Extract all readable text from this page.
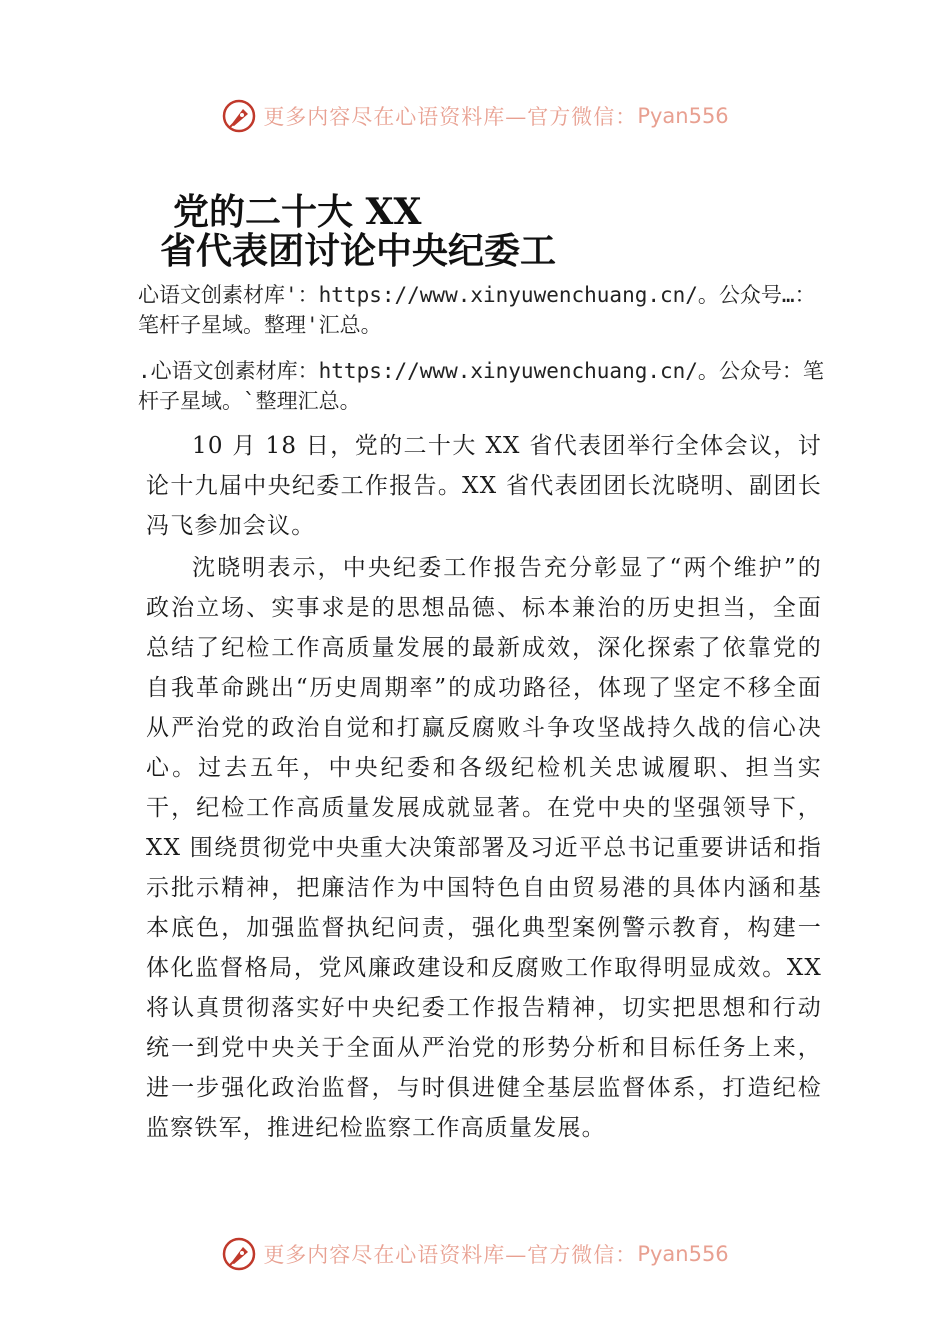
更多内容尽在心语资料库—官方微信： Pyan556
党的二十大 XX
省代表团讨论中央纪委工
心语文创素材库'：https://www.xinyuwenchuang.cn/。公众号…：笔杆子星域。整理'汇总。
.心语文创素材库：https://www.xinyuwenchuang.cn/。公众号：笔杆子星域。`整理汇总。

10 月 18 日，党的二十大 XX 省代表团举行全体会议，讨论十九届中央纪委工作报告。XX 省代表团团长沈晓明、副团长冯飞参加会议。

沈晓明表示，中央纪委工作报告充分彰显了“两个维护”的政治立场、实事求是的思想品德、标本兼治的历史担当，全面总结了纪检工作高质量发展的最新成效，深化探索了依靠党的自我革命跳出“历史周期率”的成功路径，体现了坚定不移全面从严治党的政治自觉和打赢反腐败斗争攻坚战持久战的信心决心。过去五年，中央纪委和各级纪检机关忠诚履职、担当实干，纪检工作高质量发展成就显著。在党中央的坚强领导下，XX 围绕贯彻党中央重大决策部署及习近平总书记重要讲话和指示批示精神，把廉洁作为中国特色自由贸易港的具体内涵和基本底色，加强监督执纪问责，强化典型案例警示教育，构建一体化监督格局，党风廉政建设和反腐败工作取得明显成效。XX 将认真贯彻落实好中央纪委工作报告精神，切实把思想和行动统一到党中央关于全面从严治党的形势分析和目标任务上来，进一步强化政治监督，与时俱进健全基层监督体系，打造纪检监察铁军，推进纪检监察工作高质量发展。

更多内容尽在心语资料库—官方微信： Pyan556
